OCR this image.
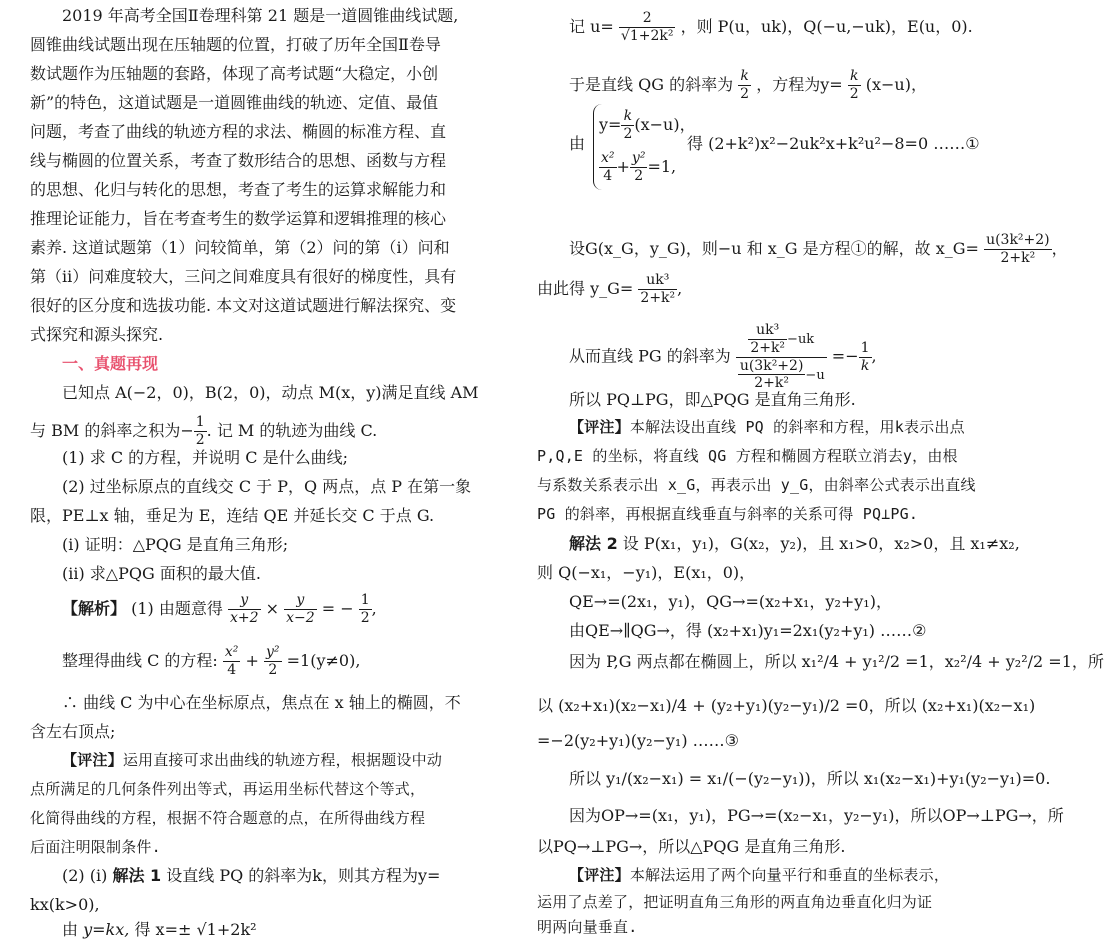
2019 年高考全国Ⅱ卷理科第 21 题是一道圆锥曲线试题,
圆锥曲线试题出现在压轴题的位置，打破了历年全国Ⅱ卷导
数试题作为压轴题的套路，体现了高考试题“大稳定，小创
新”的特色，这道试题是一道圆锥曲线的轨迹、定值、最值
问题，考查了曲线的轨迹方程的求法、椭圆的标准方程、直
线与椭圆的位置关系，考查了数形结合的思想、函数与方程
的思想、化归与转化的思想，考查了考生的运算求解能力和
推理论证能力，旨在考查考生的数学运算和逻辑推理的核心
素养. 这道试题第（1）问较简单，第（2）问的第（i）问和
第（ii）问难度较大，三问之间难度具有很好的梯度性，具有
很好的区分度和选拔功能. 本文对这道试题进行解法探究、变
式探究和源头探究.
一、真题再现
已知点 A(−2，0)，B(2，0)，动点 M(x，y)满足直线 AM
与 BM 的斜率之积为− $\frac{1}{2}$ . 记 M 的轨迹为曲线 C.
(1) 求 C 的方程，并说明 C 是什么曲线;
(2) 过坐标原点的直线交 C 于 P，Q 两点，点 P 在第一象
限，PE⊥x 轴，垂足为 E，连结 QE 并延长交 C 于点 G.
(i) 证明：△PQG 是直角三角形;
(ii) 求△PQG 面积的最大值.
【解析】 (1) 由题意得 $\frac{y}{x+2} \times \frac{y}{x-2}$ = − $\frac{1}{2}$ ,
整理得曲线 C 的方程: $\frac{\text{x²}}{4} + \frac{\text{y²}}{2} =1(y\ne 0)$,
∴ 曲线 C 为中心在坐标原点，焦点在 x 轴上的椭圆，不
含左右顶点;
【评注】运用直接可求出曲线的轨迹方程，根据题设中动
点所满足的几何条件列出等式，再运用坐标代替这个等式，
化简得曲线的方程，根据不符合题意的点，在所得曲线方程
后面注明限制条件.
(2) (i) 解法 1 设直线 PQ 的斜率为k，则其方程为y=
kx(k>0),
由 y=kx, 得 x=± √1+2k²
记 $u= \frac{2}{\text{√1+2k²}}$ ，则 P(u，uk)，Q(−u,−uk)，E(u，0).
于是直线 QG 的斜率为 $\frac{k}{2}$ ，方程为$y= \frac{k}{2} (x-u)$，
由
$y= \frac{k}{2} (x-u)$，
$\frac{\text{x²}}{4} + \frac{\text{y²}}{2} =1$,
得 (2+k²)x²−2uk²x+k²u²−8=0 ……①
设G(x_G，y_G)，则−u 和 x_G 是方程①的解，故 x_G= $\frac{\text{u(3k²+2)}}{\text{2+k²}}$ ，
由此得 y_G= $\frac{\text{uk³}}{\text{2+k²}}$ ,
从而直线 PG 的斜率为 $\frac{\frac{\text{uk³}}{\text{2+k²}} -uk}{\frac{\text{u(3k²+2)}}{\text{2+k²}} -u} =- \frac{1}{k}$ ,
所以 PQ⊥PG，即△PQG 是直角三角形.
【评注】本解法设出直线 PQ 的斜率和方程，用k表示出点
P,Q,E 的坐标，将直线 QG 方程和椭圆方程联立消去y，由根
与系数关系表示出 x_G，再表示出 y_G，由斜率公式表示出直线
PG 的斜率，再根据直线垂直与斜率的关系可得 PQ⊥PG.
解法 2 设 P(x₁，y₁)，G(x₂，y₂)，且 x₁>0，x₂>0，且 x₁≠x₂,
则 Q(−x₁，−y₁)，E(x₁，0)，
QE→=(2x₁，y₁)，QG→=(x₂+x₁，y₂+y₁)，
由QE→∥QG→，得 (x₂+x₁)y₁=2x₁(y₂+y₁) ……②
因为 P,G 两点都在椭圆上，所以 x₁²/4 + y₁²/2 =1，x₂²/4 + y₂²/2 =1，所
以 (x₂+x₁)(x₂−x₁)/4 + (y₂+y₁)(y₂−y₁)/2 =0，所以 (x₂+x₁)(x₂−x₁)
=−2(y₂+y₁)(y₂−y₁) ……③
所以 y₁/(x₂−x₁) = x₁/(−(y₂−y₁))，所以 x₁(x₂−x₁)+y₁(y₂−y₁)=0.
因为OP→=(x₁，y₁)，PG→=(x₂−x₁，y₂−y₁)，所以OP→⊥PG→，所
以PQ→⊥PG→，所以△PQG 是直角三角形.
【评注】本解法运用了两个向量平行和垂直的坐标表示，
运用了点差了，把证明直角三角形的两直角边垂直化归为证
明两向量垂直.
